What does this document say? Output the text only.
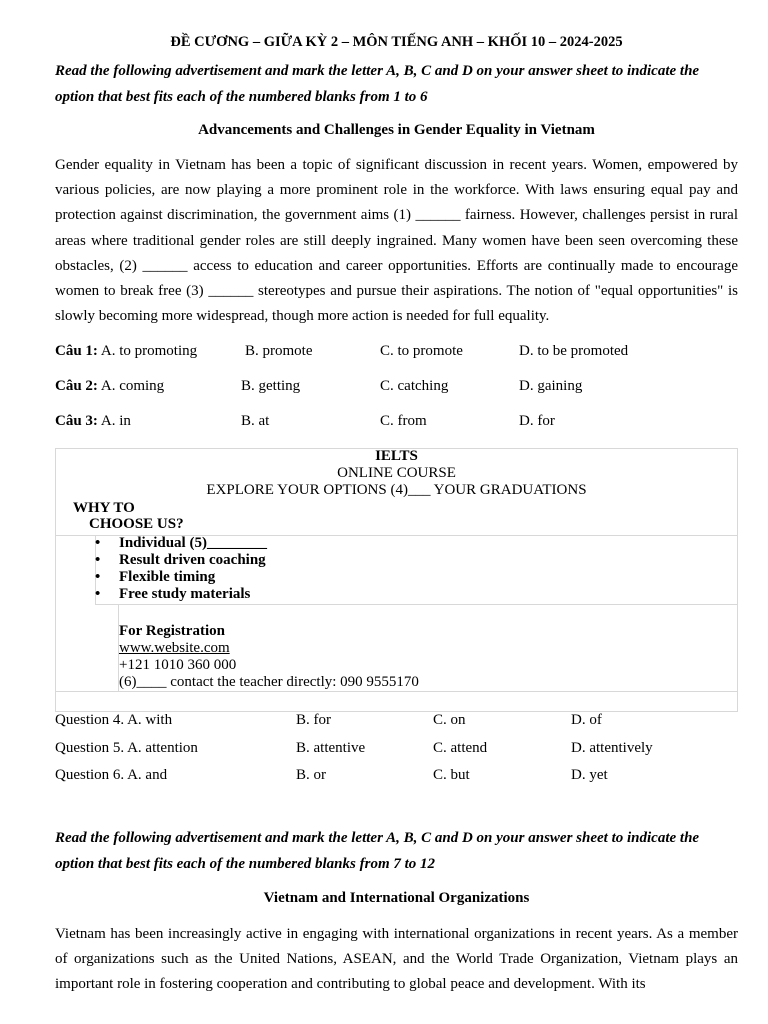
ĐỀ CƯƠNG – GIỮA KỲ 2 – MÔN TIẾNG ANH – KHỐI 10 – 2024-2025
Read the following advertisement and mark the letter A, B, C and D on your answer sheet to indicate the
option that best fits each of the numbered blanks from 1 to 6
Advancements and Challenges in Gender Equality in Vietnam
Gender equality in Vietnam has been a topic of significant discussion in recent years. Women, empowered by various policies, are now playing a more prominent role in the workforce. With laws ensuring equal pay and protection against discrimination, the government aims (1) ______ fairness. However, challenges persist in rural areas where traditional gender roles are still deeply ingrained. Many women have been seen overcoming these obstacles, (2) ______ access to education and career opportunities. Efforts are continually made to encourage women to break free (3) ______ stereotypes and pursue their aspirations. The notion of "equal opportunities" is slowly becoming more widespread, though more action is needed for full equality.
Câu 1: A. to promoting	B. promote	C. to promote	D. to be promoted
Câu 2: A. coming	B. getting	C. catching	D. gaining
Câu 3: A. in	B. at	C. from	D. for
IELTS
ONLINE COURSE
EXPLORE YOUR OPTIONS (4)___ YOUR GRADUATIONS
WHY TO
CHOOSE US?
• Individual (5)________
• Result driven coaching
• Flexible timing
• Free study materials
For Registration
www.website.com
+121 1010 360 000
(6)____ contact the teacher directly: 090 9555170
Question 4. A. with	B. for	C. on	D. of
Question 5. A. attention	B. attentive	C. attend	D. attentively
Question 6. A. and	B. or	C. but	D. yet
Read the following advertisement and mark the letter A, B, C and D on your answer sheet to indicate the
option that best fits each of the numbered blanks from 7 to 12
Vietnam and International Organizations
Vietnam has been increasingly active in engaging with international organizations in recent years. As a member of organizations such as the United Nations, ASEAN, and the World Trade Organization, Vietnam plays an important role in fostering cooperation and contributing to global peace and development. With its
